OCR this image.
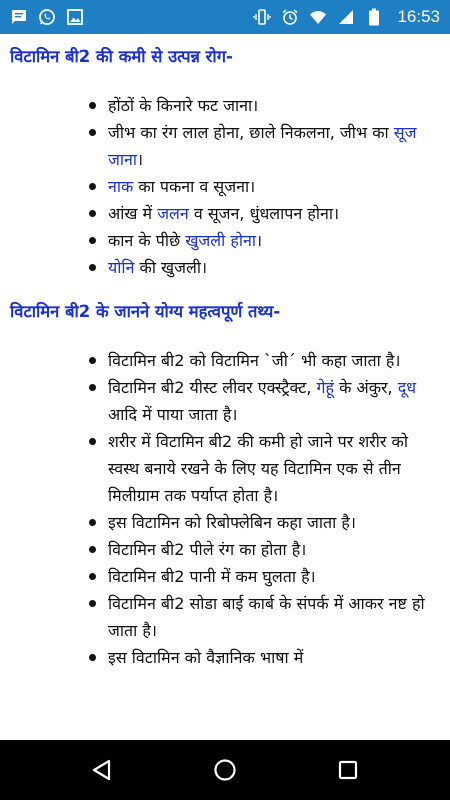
16:53
विटामिन बी2 की कमी से उत्पन्न रोग-
होंठों के किनारे फट जाना।
जीभ का रंग लाल होना, छाले निकलना, जीभ का सूज जाना।
नाक का पकना व सूजना।
आंख में जलन व सूजन, धुंधलापन होना।
कान के पीछे खुजली होना।
योनि की खुजली।
विटामिन बी2 के जानने योग्य महत्वपूर्ण तथ्य-
विटामिन बी2 को विटामिन `जी´ भी कहा जाता है।
विटामिन बी2 यीस्ट लीवर एक्स्ट्रैक्ट, गेहूं के अंकुर, दूध आदि में पाया जाता है।
शरीर में विटामिन बी2 की कमी हो जाने पर शरीर को स्वस्थ बनाये रखने के लिए यह विटामिन एक से तीन मिलीग्राम तक पर्याप्त होता है।
इस विटामिन को रिबोफ्लेबिन कहा जाता है।
विटामिन बी2 पीले रंग का होता है।
विटामिन बी2 पानी में कम घुलता है।
विटामिन बी2 सोडा बाई कार्ब के संपर्क में आकर नष्ट हो जाता है।
इस विटामिन को वैज्ञानिक भाषा में
